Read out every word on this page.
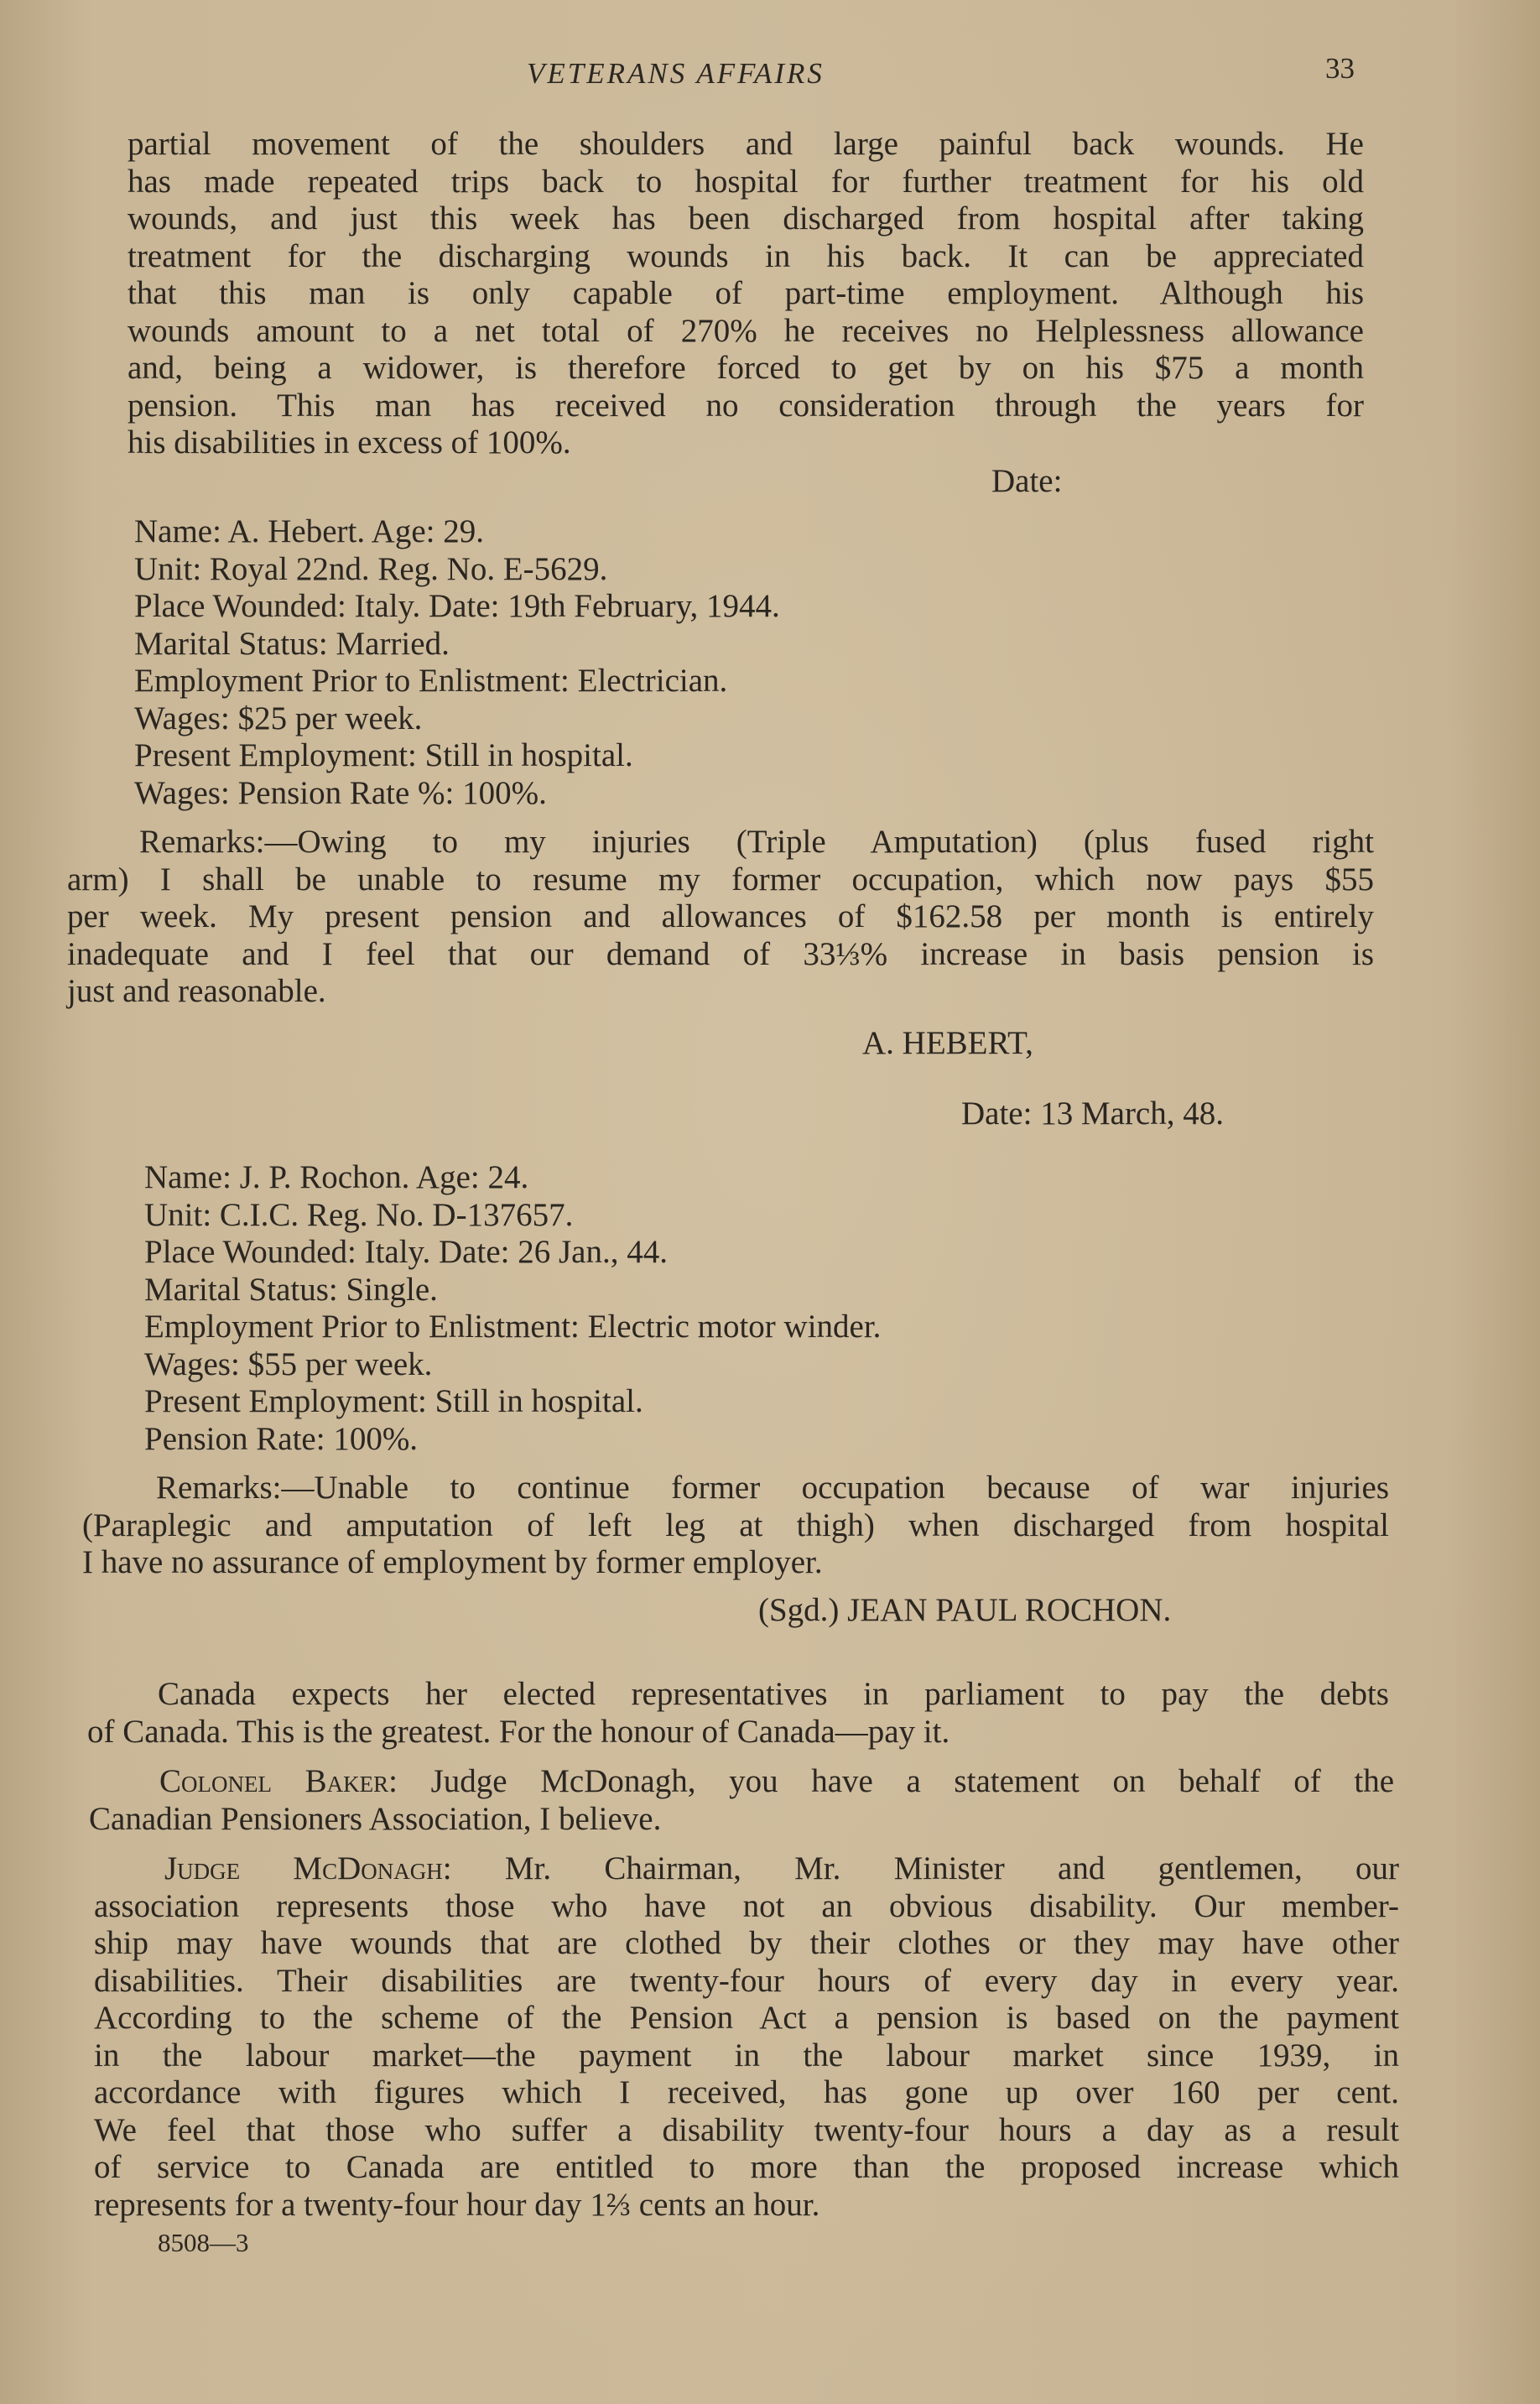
VETERANS AFFAIRS	33
partial movement of the shoulders and large painful back wounds. He
has made repeated trips back to hospital for further treatment for his old
wounds, and just this week has been discharged from hospital after taking
treatment for the discharging wounds in his back. It can be appreciated
that this man is only capable of part-time employment. Although his
wounds amount to a net total of 270% he receives no Helplessness allowance
and, being a widower, is therefore forced to get by on his $75 a month
pension. This man has received no consideration through the years for
his disabilities in excess of 100%.
Date:
Name: A. Hebert. Age: 29.
Unit: Royal 22nd. Reg. No. E-5629.
Place Wounded: Italy. Date: 19th February, 1944.
Marital Status: Married.
Employment Prior to Enlistment: Electrician.
Wages: $25 per week.
Present Employment: Still in hospital.
Wages: Pension Rate %: 100%.
Remarks:—Owing to my injuries (Triple Amputation) (plus fused right
arm) I shall be unable to resume my former occupation, which now pays $55
per week. My present pension and allowances of $162.58 per month is entirely
inadequate and I feel that our demand of 33⅓% increase in basis pension is
just and reasonable.
A. HEBERT,
Date: 13 March, 48.
Name: J. P. Rochon. Age: 24.
Unit: C.I.C. Reg. No. D-137657.
Place Wounded: Italy. Date: 26 Jan., 44.
Marital Status: Single.
Employment Prior to Enlistment: Electric motor winder.
Wages: $55 per week.
Present Employment: Still in hospital.
Pension Rate: 100%.
Remarks:—Unable to continue former occupation because of war injuries
(Paraplegic and amputation of left leg at thigh) when discharged from hospital
I have no assurance of employment by former employer.
(Sgd.) JEAN PAUL ROCHON.
Canada expects her elected representatives in parliament to pay the debts
of Canada. This is the greatest. For the honour of Canada—pay it.
Colonel Baker: Judge McDonagh, you have a statement on behalf of the
Canadian Pensioners Association, I believe.
Judge McDonagh: Mr. Chairman, Mr. Minister and gentlemen, our
association represents those who have not an obvious disability. Our member-
ship may have wounds that are clothed by their clothes or they may have other
disabilities. Their disabilities are twenty-four hours of every day in every year.
According to the scheme of the Pension Act a pension is based on the payment
in the labour market—the payment in the labour market since 1939, in
accordance with figures which I received, has gone up over 160 per cent.
We feel that those who suffer a disability twenty-four hours a day as a result
of service to Canada are entitled to more than the proposed increase which
represents for a twenty-four hour day 1⅔ cents an hour.
8508—3
